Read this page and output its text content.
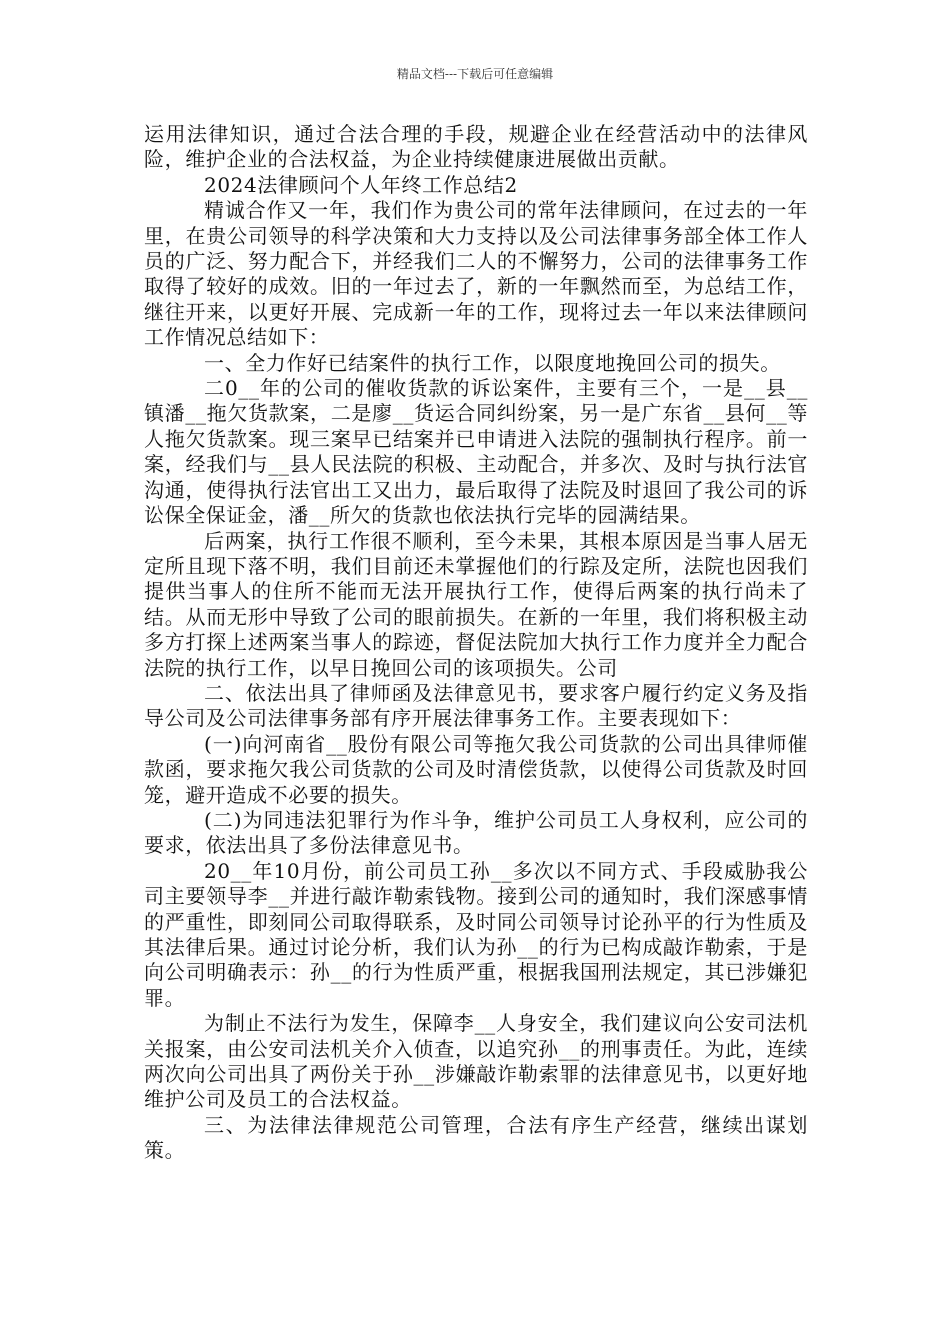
精品文档---下载后可任意编辑

运用法律知识，通过合法合理的手段，规避企业在经营活动中的法律风险，维护企业的合法权益，为企业持续健康进展做出贡献。

2024法律顾问个人年终工作总结2

精诚合作又一年，我们作为贵公司的常年法律顾问，在过去的一年里，在贵公司领导的科学决策和大力支持以及公司法律事务部全体工作人员的广泛、努力配合下，并经我们二人的不懈努力，公司的法律事务工作取得了较好的成效。旧的一年过去了，新的一年飘然而至，为总结工作，继往开来，以更好开展、完成新一年的工作，现将过去一年以来法律顾问工作情况总结如下：

一、全力作好已结案件的执行工作，以限度地挽回公司的损失。

二0__年的公司的催收货款的诉讼案件，主要有三个，一是__县__镇潘__拖欠货款案，二是廖__货运合同纠纷案，另一是广东省__县何__等人拖欠货款案。现三案早已结案并已申请进入法院的强制执行程序。前一案，经我们与__县人民法院的积极、主动配合，并多次、及时与执行法官沟通，使得执行法官出工又出力，最后取得了法院及时退回了我公司的诉讼保全保证金，潘__所欠的货款也依法执行完毕的园满结果。

后两案，执行工作很不顺利，至今未果，其根本原因是当事人居无定所且现下落不明，我们目前还未掌握他们的行踪及定所，法院也因我们提供当事人的住所不能而无法开展执行工作，使得后两案的执行尚未了结。从而无形中导致了公司的眼前损失。在新的一年里，我们将积极主动多方打探上述两案当事人的踪迹，督促法院加大执行工作力度并全力配合法院的执行工作，以早日挽回公司的该项损失。公司

二、依法出具了律师函及法律意见书，要求客户履行约定义务及指导公司及公司法律事务部有序开展法律事务工作。主要表现如下：

(一)向河南省__股份有限公司等拖欠我公司货款的公司出具律师催款函，要求拖欠我公司货款的公司及时清偿货款，以使得公司货款及时回笼，避开造成不必要的损失。

(二)为同违法犯罪行为作斗争，维护公司员工人身权利，应公司的要求，依法出具了多份法律意见书。

20__年10月份，前公司员工孙__多次以不同方式、手段威胁我公司主要领导李__并进行敲诈勒索钱物。接到公司的通知时，我们深感事情的严重性，即刻同公司取得联系，及时同公司领导讨论孙平的行为性质及其法律后果。通过讨论分析，我们认为孙__的行为已构成敲诈勒索，于是向公司明确表示：孙__的行为性质严重，根据我国刑法规定，其已涉嫌犯罪。

为制止不法行为发生，保障李__人身安全，我们建议向公安司法机关报案，由公安司法机关介入侦查，以追究孙__的刑事责任。为此，连续两次向公司出具了两份关于孙__涉嫌敲诈勒索罪的法律意见书，以更好地维护公司及员工的合法权益。

三、为法律法律规范公司管理，合法有序生产经营，继续出谋划策。
